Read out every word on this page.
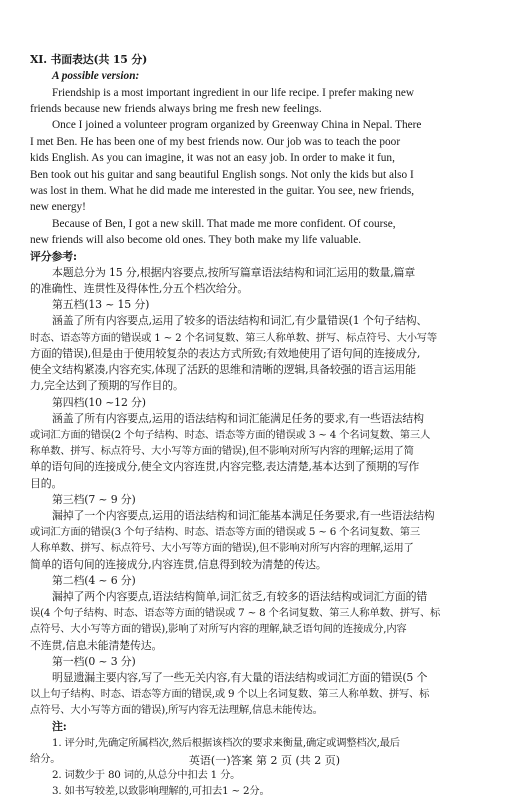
XI. 书面表达(共 15 分)

A possible version:

Friendship is a most important ingredient in our life recipe. I prefer making new

friends because new friends always bring me fresh new feelings.

Once I joined a volunteer program organized by Greenway China in Nepal. There

I met Ben. He has been one of my best friends now. Our job was to teach the poor

kids English. As you can imagine, it was not an easy job. In order to make it fun,

Ben took out his guitar and sang beautiful English songs. Not only the kids but also I

was lost in them. What he did made me interested in the guitar. You see, new friends,

new energy!

Because of Ben, I got a new skill. That made me more confident. Of course,

new friends will also become old ones. They both make my life valuable.

评分参考:

本题总分为 15 分,根据内容要点,按所写篇章语法结构和词汇运用的数量,篇章

的准确性、连贯性及得体性,分五个档次给分。

第五档(13 ~ 15 分)

涵盖了所有内容要点,运用了较多的语法结构和词汇,有少量错误(1 个句子结构、

时态、语态等方面的错误或 1 ~ 2 个名词复数、第三人称单数、拼写、标点符号、大小写等

方面的错误),但是由于使用较复杂的表达方式所致;有效地使用了语句间的连接成分,

使全文结构紧凑,内容充实,体现了活跃的思维和清晰的逻辑,具备较强的语言运用能

力,完全达到了预期的写作目的。

第四档(10 ~12 分)

涵盖了所有内容要点,运用的语法结构和词汇能满足任务的要求,有一些语法结构

或词汇方面的错误(2 个句子结构、时态、语态等方面的错误或 3 ~ 4 个名词复数、第三人

称单数、拼写、标点符号、大小写等方面的错误),但不影响对所写内容的理解;运用了简

单的语句间的连接成分,使全文内容连贯,内容完整,表达清楚,基本达到了预期的写作

目的。

第三档(7 ~ 9 分)

漏掉了一个内容要点,运用的语法结构和词汇能基本满足任务要求,有一些语法结构

或词汇方面的错误(3 个句子结构、时态、语态等方面的错误或 5 ~ 6 个名词复数、第三

人称单数、拼写、标点符号、大小写等方面的错误),但不影响对所写内容的理解,运用了

简单的语句间的连接成分,内容连贯,信息得到较为清楚的传达。

第二档(4 ~ 6 分)

漏掉了两个内容要点,语法结构简单,词汇贫乏,有较多的语法结构或词汇方面的错

误(4 个句子结构、时态、语态等方面的错误或 7 ~ 8 个名词复数、第三人称单数、拼写、标

点符号、大小写等方面的错误),影响了对所写内容的理解,缺乏语句间的连接成分,内容

不连贯,信息未能清楚传达。

第一档(0 ~ 3 分)

明显遗漏主要内容,写了一些无关内容,有大量的语法结构或词汇方面的错误(5 个

以上句子结构、时态、语态等方面的错误,或 9 个以上名词复数、第三人称单数、拼写、标

点符号、大小写等方面的错误),所写内容无法理解,信息未能传达。

注:

1. 评分时,先确定所属档次,然后根据该档次的要求来衡量,确定或调整档次,最后

给分。

2. 词数少于 80 词的,从总分中扣去 1 分。

3. 如书写较差,以致影响理解的,可扣去1 ~ 2分。

英语(一)答案 第 2 页 (共 2 页)
